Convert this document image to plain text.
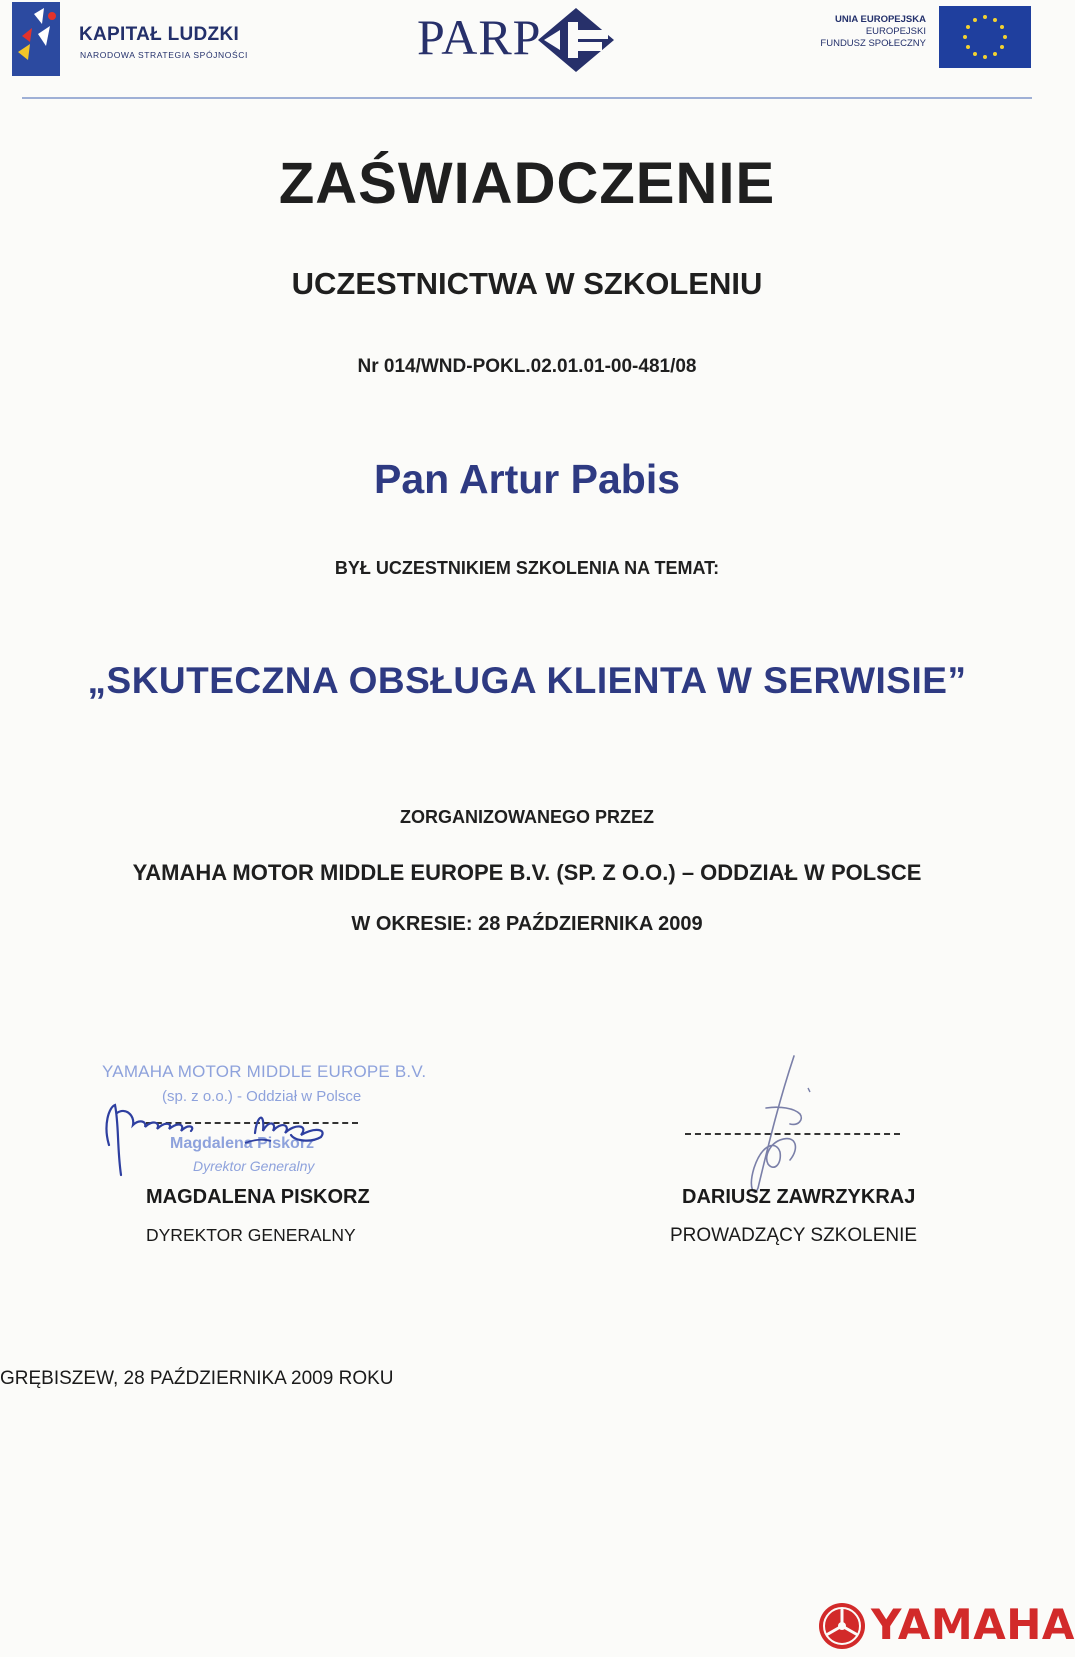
KAPITAŁ LUDZKI
NARODOWA STRATEGIA SPÓJNOŚCI	PARP	UNIA EUROPEJSKA
EUROPEJSKI
FUNDUSZ SPOŁECZNY
ZAŚWIADCZENIE
UCZESTNICTWA W SZKOLENIU
Nr 014/WND-POKL.02.01.01-00-481/08
Pan Artur Pabis
BYŁ UCZESTNIKIEM SZKOLENIA NA TEMAT:
„SKUTECZNA OBSŁUGA KLIENTA W SERWISIE”
ZORGANIZOWANEGO PRZEZ
YAMAHA MOTOR MIDDLE EUROPE B.V. (SP. Z O.O.) – ODDZIAŁ W POLSCE
W OKRESIE: 28 PAŹDZIERNIKA 2009
YAMAHA MOTOR MIDDLE EUROPE B.V.
(sp. z o.o.) - Oddział w Polsce
Magdalena Piskorz
Dyrektor Generalny
MAGDALENA PISKORZ
DYREKTOR GENERALNY
DARIUSZ ZAWRZYKRAJ
PROWADZĄCY SZKOLENIE
GRĘBISZEW, 28 PAŹDZIERNIKA 2009 ROKU
YAMAHA
